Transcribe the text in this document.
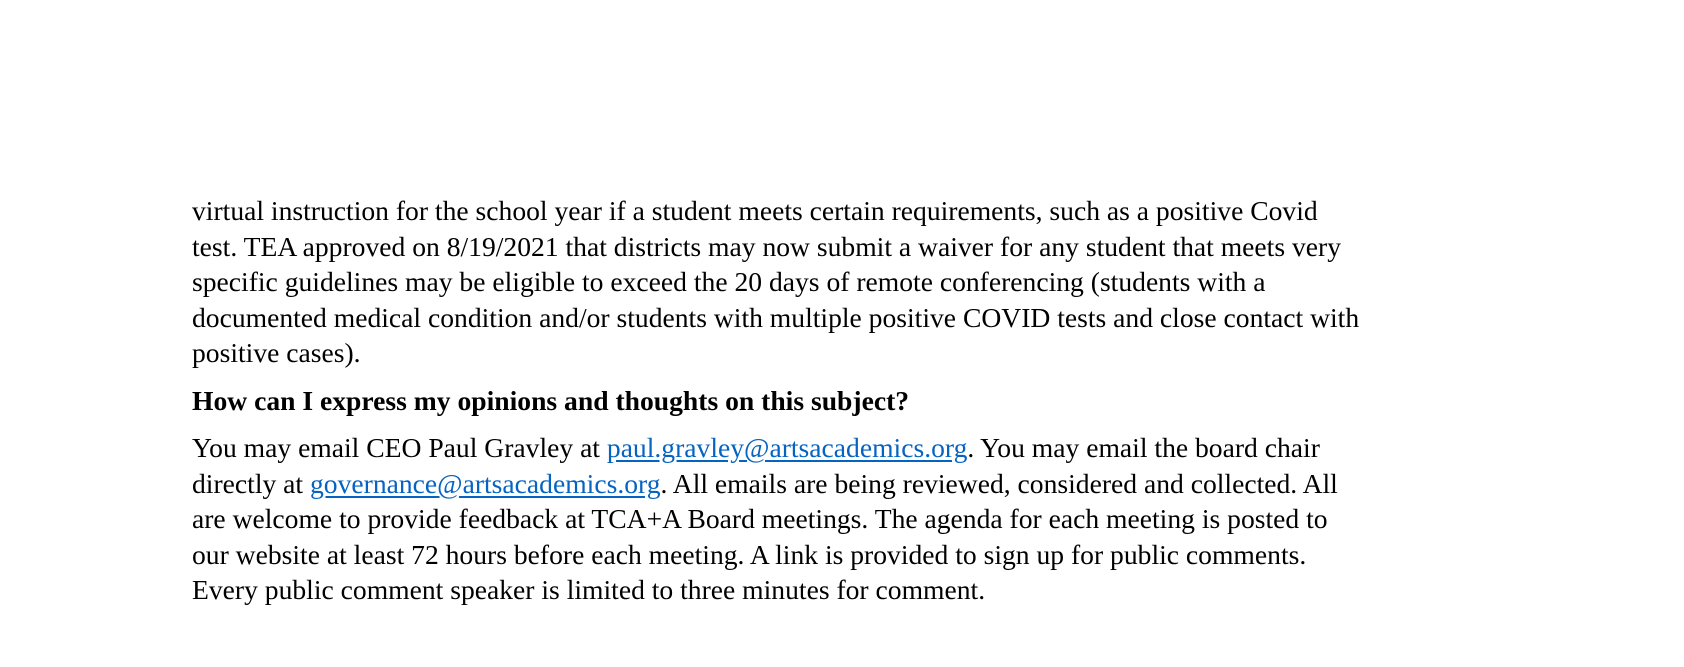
virtual instruction for the school year if a student meets certain requirements, such as a positive Covid
test. TEA approved on 8/19/2021 that districts may now submit a waiver for any student that meets very
specific guidelines may be eligible to exceed the 20 days of remote conferencing (students with a
documented medical condition and/or students with multiple positive COVID tests and close contact with
positive cases).
How can I express my opinions and thoughts on this subject?
You may email CEO Paul Gravley at paul.gravley@artsacademics.org. You may email the board chair
directly at governance@artsacademics.org. All emails are being reviewed, considered and collected. All
are welcome to provide feedback at TCA+A Board meetings. The agenda for each meeting is posted to
our website at least 72 hours before each meeting. A link is provided to sign up for public comments.
Every public comment speaker is limited to three minutes for comment.
